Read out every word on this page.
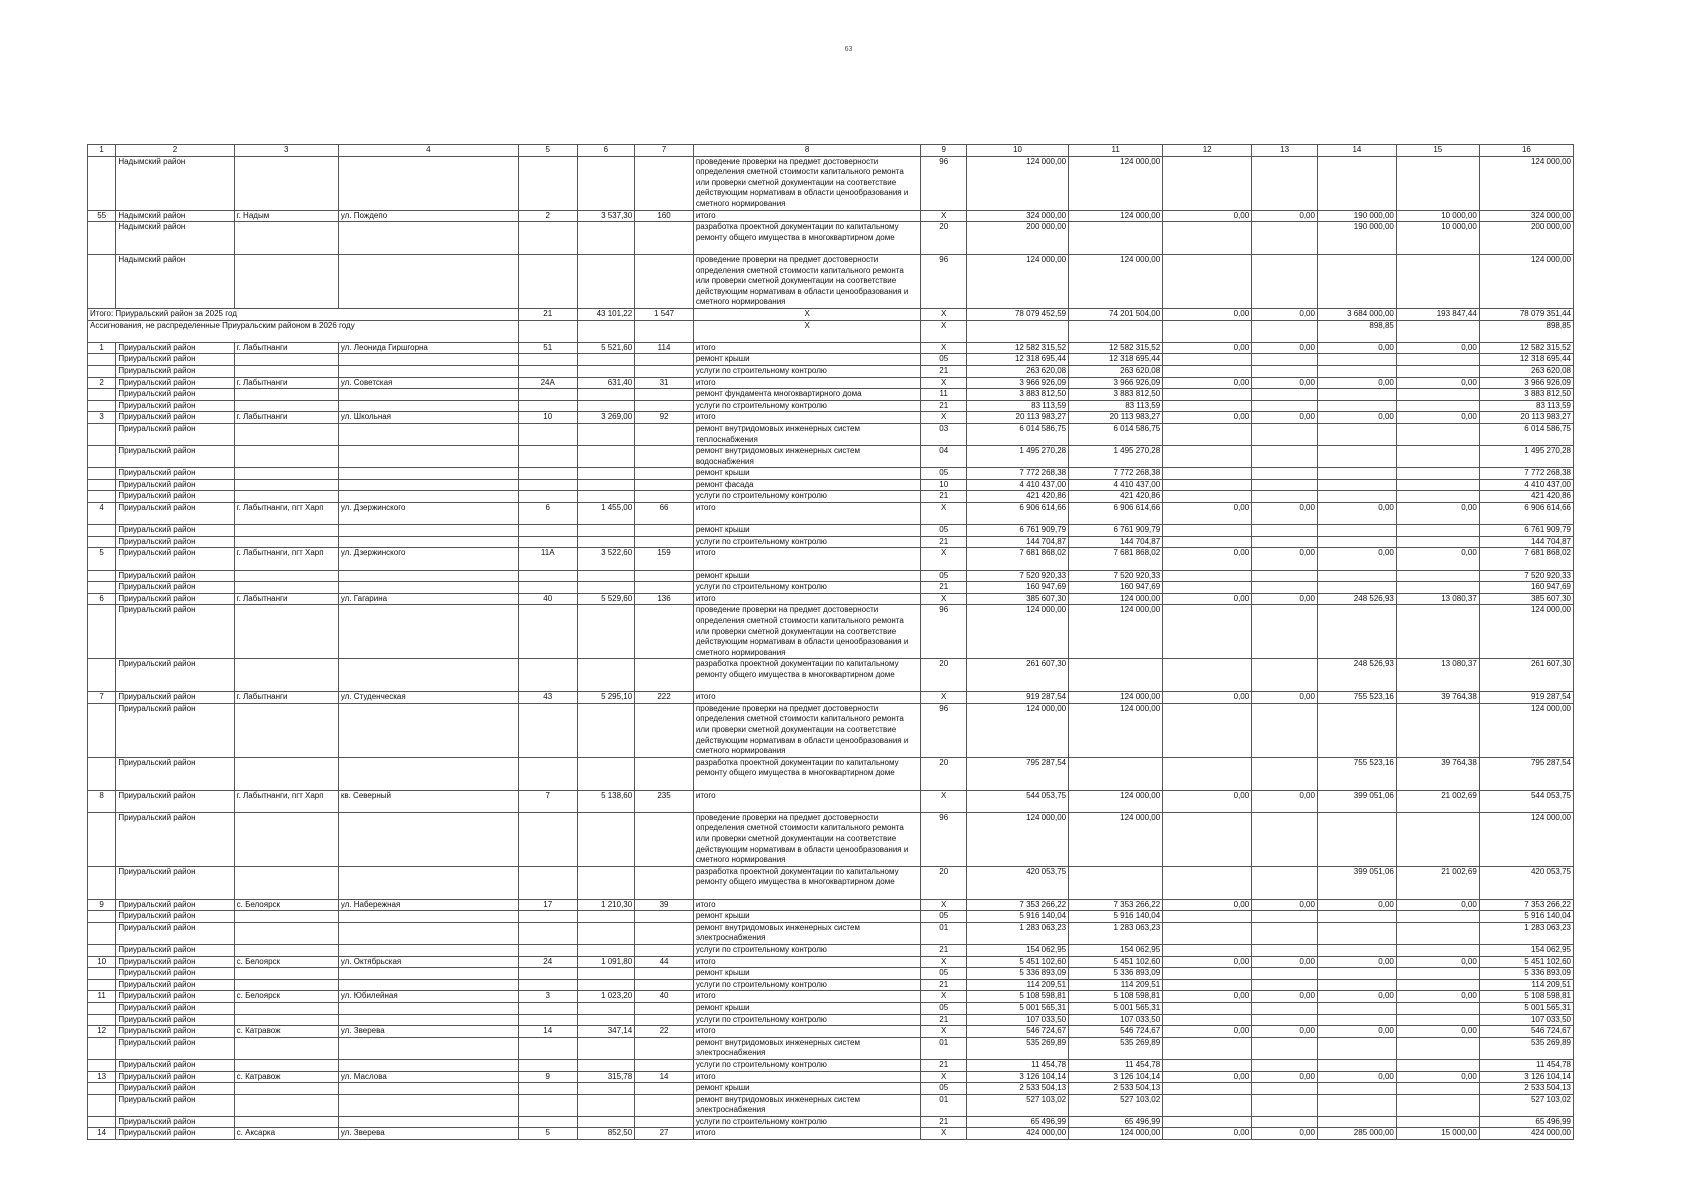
63
1	2	3	4	5	6	7	8	9	10	11	12	13	14	15	16
	Надымский район						проведение проверки на предмет достоверности определения сметной стоимости капитального ремонта или проверки сметной документации на соответствие действующим нормативам в области ценообразования и сметного нормирования	96	124 000,00	124 000,00					124 000,00
55	Надымский район	г. Надым	ул. Пождепо	2	3 537,30	160	итого	X	324 000,00	124 000,00	0,00	0,00	190 000,00	10 000,00	324 000,00
	Надымский район						разработка проектной документации по капитальному ремонту общего имущества в многоквартирном доме	20	200 000,00				190 000,00	10 000,00	200 000,00
	Надымский район						проведение проверки на предмет достоверности определения сметной стоимости капитального ремонта или проверки сметной документации на соответствие действующим нормативам в области ценообразования и сметного нормирования	96	124 000,00	124 000,00					124 000,00
Итого: Приуральский район за 2025 год				21	43 101,22	1 547	X	X	78 079 452,59	74 201 504,00	0,00	0,00	3 684 000,00	193 847,44	78 079 351,44
Ассигнования, не распределенные Приуральским районом в 2026 году							X	X					898,85		898,85
1	Приуральский район	г. Лабытнанги	ул. Леонида Гиршгорна	51	5 521,60	114	итого	X	12 582 315,52	12 582 315,52	0,00	0,00	0,00	0,00	12 582 315,52
	Приуральский район						ремонт крыши	05	12 318 695,44	12 318 695,44					12 318 695,44
	Приуральский район						услуги по строительному контролю	21	263 620,08	263 620,08					263 620,08
2	Приуральский район	г. Лабытнанги	ул. Советская	24А	631,40	31	итого	X	3 966 926,09	3 966 926,09	0,00	0,00	0,00	0,00	3 966 926,09
	Приуральский район						ремонт фундамента многоквартирного дома	11	3 883 812,50	3 883 812,50					3 883 812,50
	Приуральский район						услуги по строительному контролю	21	83 113,59	83 113,59					83 113,59
3	Приуральский район	г. Лабытнанги	ул. Школьная	10	3 269,00	92	итого	X	20 113 983,27	20 113 983,27	0,00	0,00	0,00	0,00	20 113 983,27
	Приуральский район						ремонт внутридомовых инженерных систем теплоснабжения	03	6 014 586,75	6 014 586,75					6 014 586,75
	Приуральский район						ремонт внутридомовых инженерных систем водоснабжения	04	1 495 270,28	1 495 270,28					1 495 270,28
	Приуральский район						ремонт крыши	05	7 772 268,38	7 772 268,38					7 772 268,38
	Приуральский район						ремонт фасада	10	4 410 437,00	4 410 437,00					4 410 437,00
	Приуральский район						услуги по строительному контролю	21	421 420,86	421 420,86					421 420,86
4	Приуральский район	г. Лабытнанги, пгт Харп	ул. Дзержинского	6	1 455,00	66	итого	X	6 906 614,66	6 906 614,66	0,00	0,00	0,00	0,00	6 906 614,66
	Приуральский район						ремонт крыши	05	6 761 909,79	6 761 909,79					6 761 909,79
	Приуральский район						услуги по строительному контролю	21	144 704,87	144 704,87					144 704,87
5	Приуральский район	г. Лабытнанги, пгт Харп	ул. Дзержинского	11А	3 522,60	159	итого	X	7 681 868,02	7 681 868,02	0,00	0,00	0,00	0,00	7 681 868,02
	Приуральский район						ремонт крыши	05	7 520 920,33	7 520 920,33					7 520 920,33
	Приуральский район						услуги по строительному контролю	21	160 947,69	160 947,69					160 947,69
6	Приуральский район	г. Лабытнанги	ул. Гагарина	40	5 529,60	136	итого	X	385 607,30	124 000,00	0,00	0,00	248 526,93	13 080,37	385 607,30
	Приуральский район						проведение проверки на предмет достоверности определения сметной стоимости капитального ремонта или проверки сметной документации на соответствие действующим нормативам в области ценообразования и сметного нормирования	96	124 000,00	124 000,00					124 000,00
	Приуральский район						разработка проектной документации по капитальному ремонту общего имущества в многоквартирном доме	20	261 607,30				248 526,93	13 080,37	261 607,30
7	Приуральский район	г. Лабытнанги	ул. Студенческая	43	5 295,10	222	итого	X	919 287,54	124 000,00	0,00	0,00	755 523,16	39 764,38	919 287,54
	Приуральский район						проведение проверки на предмет достоверности определения сметной стоимости капитального ремонта или проверки сметной документации на соответствие действующим нормативам в области ценообразования и сметного нормирования	96	124 000,00	124 000,00					124 000,00
	Приуральский район						разработка проектной документации по капитальному ремонту общего имущества в многоквартирном доме	20	795 287,54				755 523,16	39 764,38	795 287,54
8	Приуральский район	г. Лабытнанги, пгт Харп	кв. Северный	7	5 138,60	235	итого	X	544 053,75	124 000,00	0,00	0,00	399 051,06	21 002,69	544 053,75
	Приуральский район						проведение проверки на предмет достоверности определения сметной стоимости капитального ремонта или проверки сметной документации на соответствие действующим нормативам в области ценообразования и сметного нормирования	96	124 000,00	124 000,00					124 000,00
	Приуральский район						разработка проектной документации по капитальному ремонту общего имущества в многоквартирном доме	20	420 053,75				399 051,06	21 002,69	420 053,75
9	Приуральский район	с. Белоярск	ул. Набережная	17	1 210,30	39	итого	X	7 353 266,22	7 353 266,22	0,00	0,00	0,00	0,00	7 353 266,22
	Приуральский район						ремонт крыши	05	5 916 140,04	5 916 140,04					5 916 140,04
	Приуральский район						ремонт внутридомовых инженерных систем электроснабжения	01	1 283 063,23	1 283 063,23					1 283 063,23
	Приуральский район						услуги по строительному контролю	21	154 062,95	154 062,95					154 062,95
10	Приуральский район	с. Белоярск	ул. Октябрьская	24	1 091,80	44	итого	X	5 451 102,60	5 451 102,60	0,00	0,00	0,00	0,00	5 451 102,60
	Приуральский район						ремонт крыши	05	5 336 893,09	5 336 893,09					5 336 893,09
	Приуральский район						услуги по строительному контролю	21	114 209,51	114 209,51					114 209,51
11	Приуральский район	с. Белоярск	ул. Юбилейная	3	1 023,20	40	итого	X	5 108 598,81	5 108 598,81	0,00	0,00	0,00	0,00	5 108 598,81
	Приуральский район						ремонт крыши	05	5 001 565,31	5 001 565,31					5 001 565,31
	Приуральский район						услуги по строительному контролю	21	107 033,50	107 033,50					107 033,50
12	Приуральский район	с. Катравож	ул. Зверева	14	347,14	22	итого	X	546 724,67	546 724,67	0,00	0,00	0,00	0,00	546 724,67
	Приуральский район						ремонт внутридомовых инженерных систем электроснабжения	01	535 269,89	535 269,89					535 269,89
	Приуральский район						услуги по строительному контролю	21	11 454,78	11 454,78					11 454,78
13	Приуральский район	с. Катравож	ул. Маслова	9	315,78	14	итого	X	3 126 104,14	3 126 104,14	0,00	0,00	0,00	0,00	3 126 104,14
	Приуральский район						ремонт крыши	05	2 533 504,13	2 533 504,13					2 533 504,13
	Приуральский район						ремонт внутридомовых инженерных систем электроснабжения	01	527 103,02	527 103,02					527 103,02
	Приуральский район						услуги по строительному контролю	21	65 496,99	65 496,99					65 496,99
14	Приуральский район	с. Аксарка	ул. Зверева	5	852,50	27	итого	X	424 000,00	124 000,00	0,00	0,00	285 000,00	15 000,00	424 000,00
